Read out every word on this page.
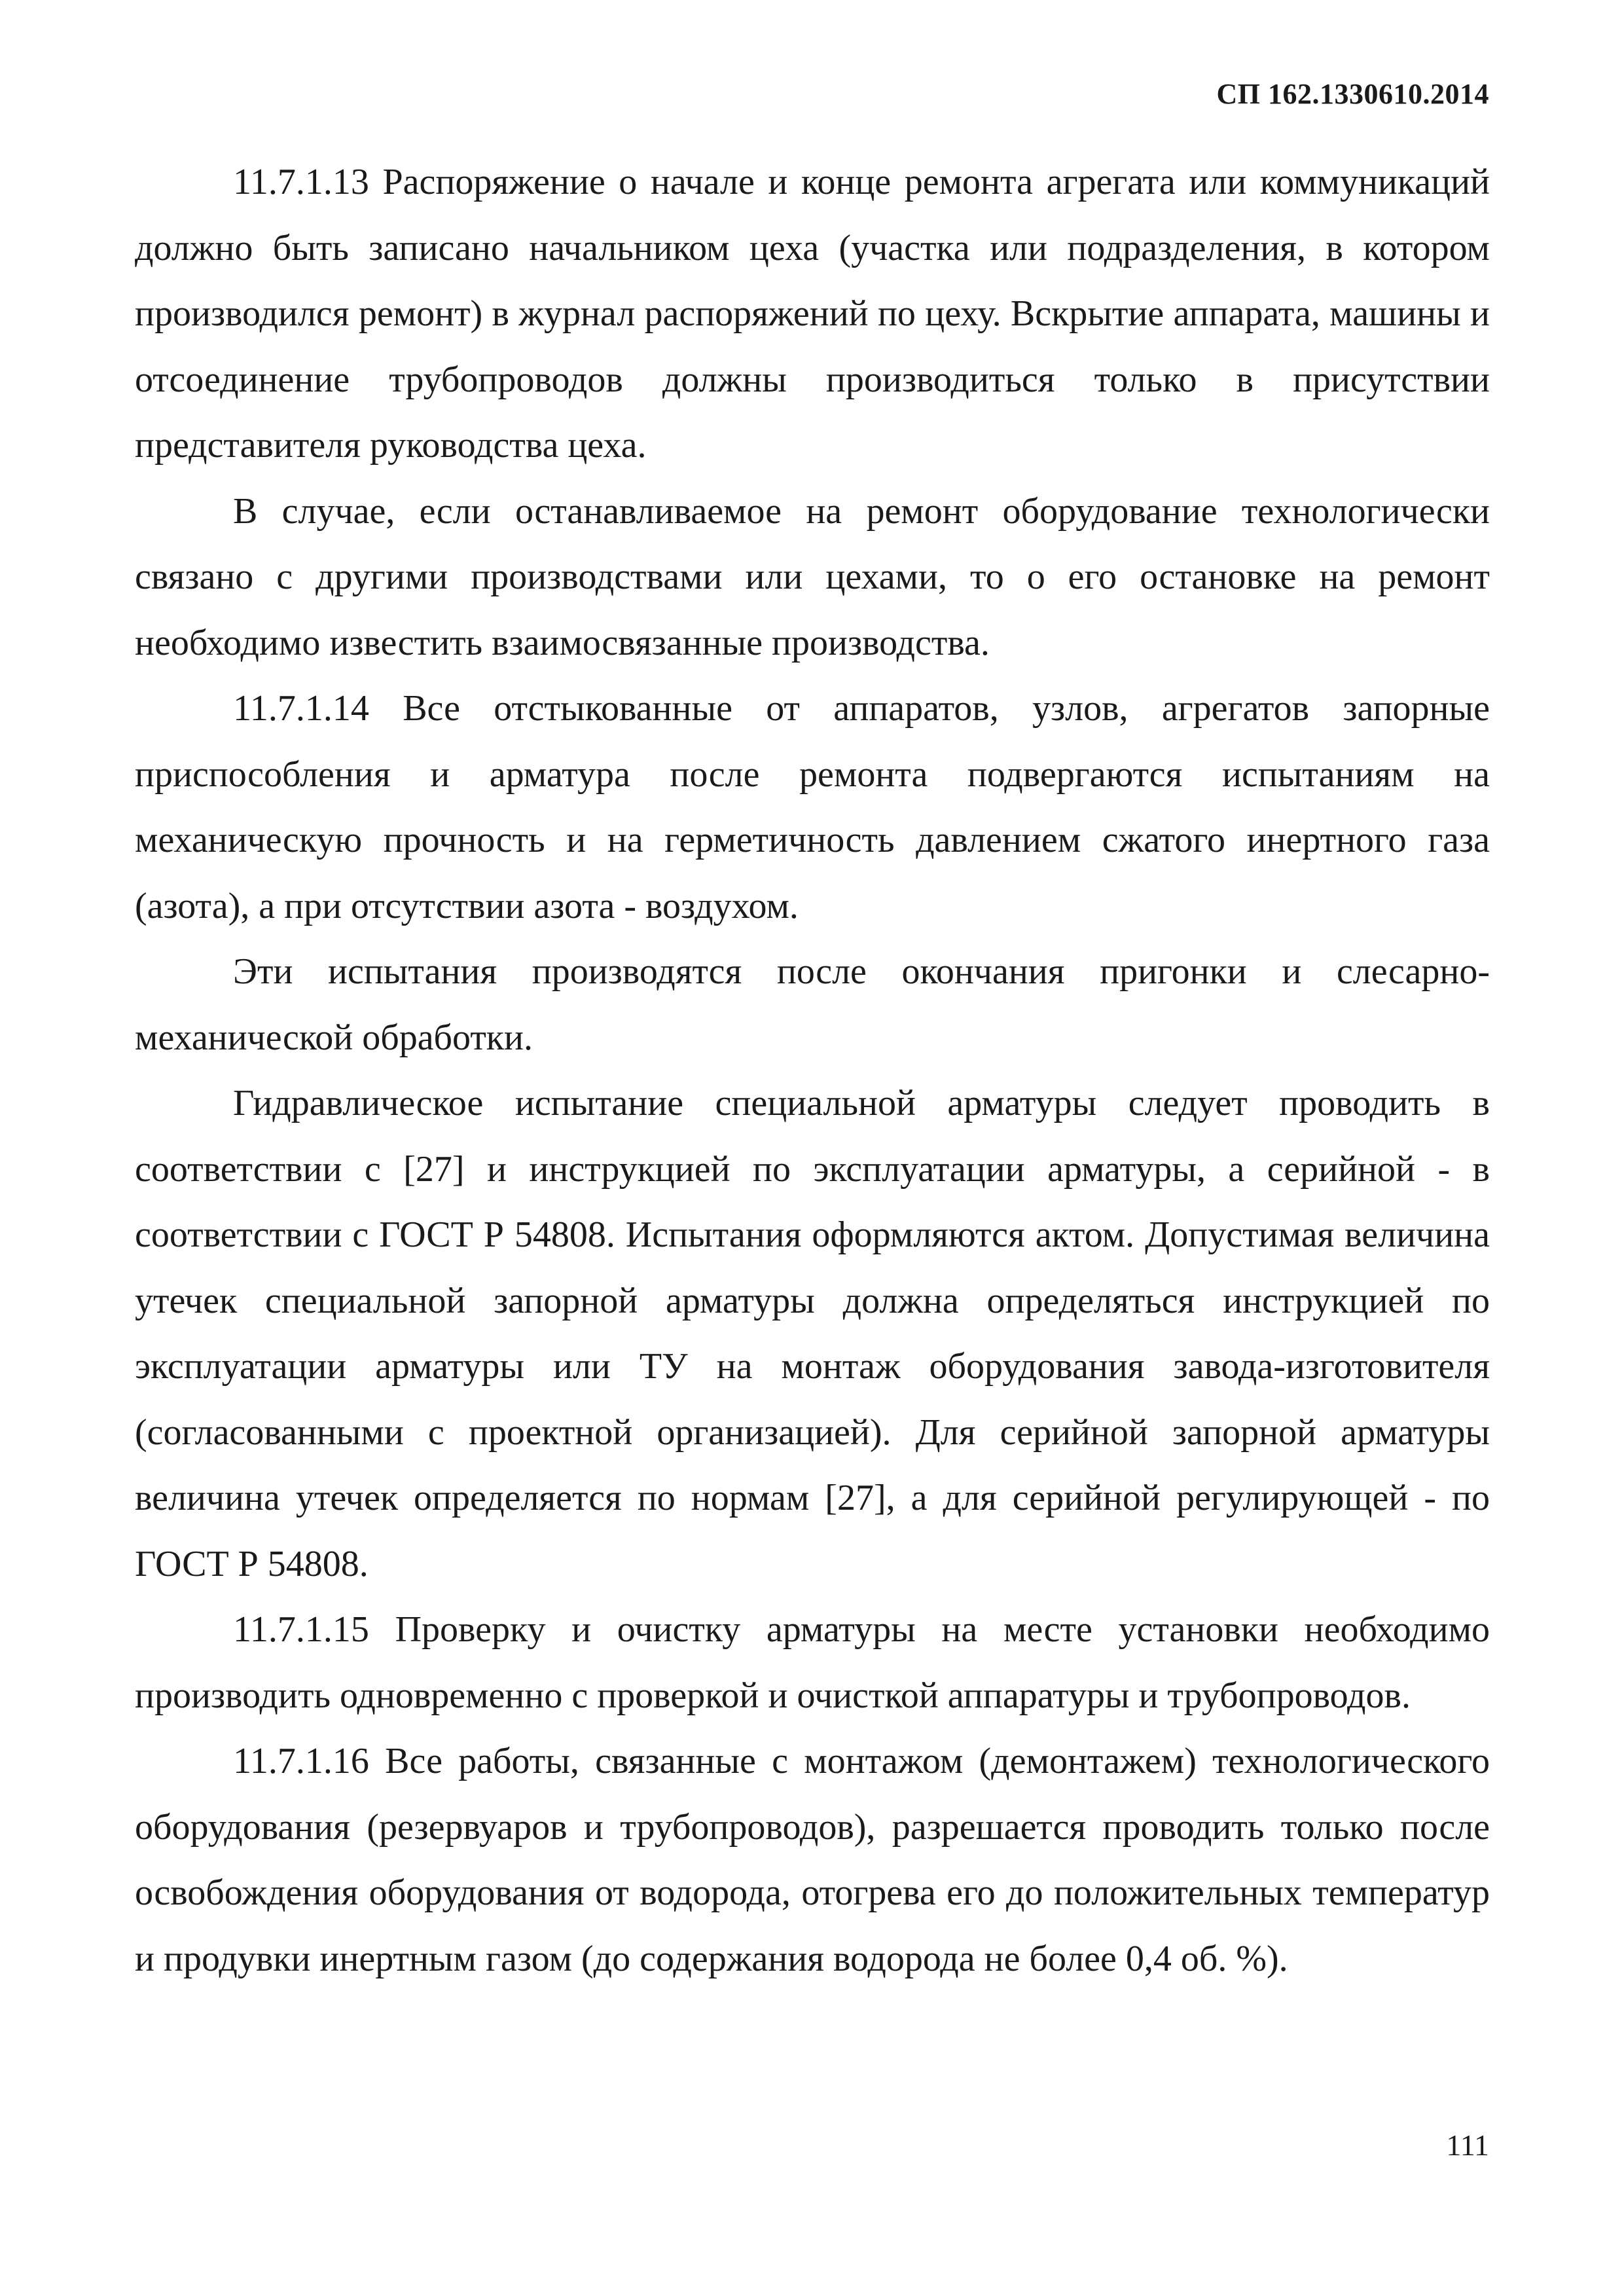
СП 162.1330610.2014

11.7.1.13 Распоряжение о начале и конце ремонта агрегата или коммуникаций должно быть записано начальником цеха (участка или подразделения, в котором производился ремонт) в журнал распоряжений по цеху. Вскрытие аппарата, машины и отсоединение трубопроводов должны производиться только в присутствии представителя руководства цеха.

В случае, если останавливаемое на ремонт оборудование технологически связано с другими производствами или цехами, то о его остановке на ремонт необходимо известить взаимосвязанные производства.

11.7.1.14 Все отстыкованные от аппаратов, узлов, агрегатов запорные приспособления и арматура после ремонта подвергаются испытаниям на механическую прочность и на герметичность давлением сжатого инертного газа (азота), а при отсутствии азота - воздухом.

Эти испытания производятся после окончания пригонки и слесарно-механической обработки.

Гидравлическое испытание специальной арматуры следует проводить в соответствии с [27] и инструкцией по эксплуатации арматуры, а серийной - в соответствии с ГОСТ Р 54808. Испытания оформляются актом. Допустимая величина утечек специальной запорной арматуры должна определяться инструкцией по эксплуатации арматуры или ТУ на монтаж оборудования завода-изготовителя (согласованными с проектной организацией). Для серийной запорной арматуры величина утечек определяется по нормам [27], а для серийной регулирующей - по ГОСТ Р 54808.

11.7.1.15 Проверку и очистку арматуры на месте установки необходимо производить одновременно с проверкой и очисткой аппаратуры и трубопроводов.

11.7.1.16 Все работы, связанные с монтажом (демонтажем) технологического оборудования (резервуаров и трубопроводов), разрешается проводить только после освобождения оборудования от водорода, отогрева его до положительных температур и продувки инертным газом (до содержания водорода не более 0,4 об. %).

111
